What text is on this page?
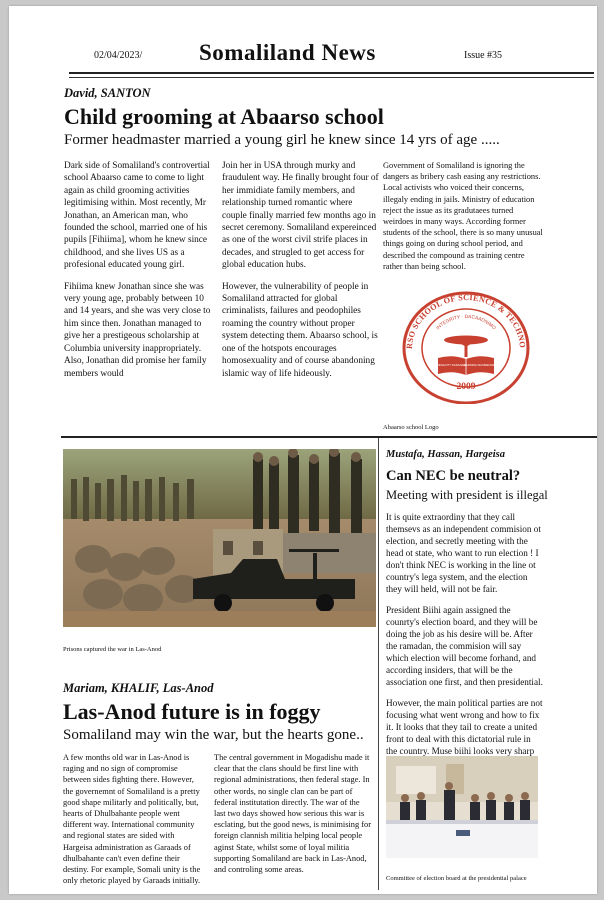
02/04/2023/ Somaliland News	Issue #35
David, SANTON
Child grooming at Abaarso school
Former headmaster married a young girl he knew since 14 yrs of age .....

Dark side of Somaliland's controvertial school Abaarso came to come to light again as child grooming activities legitimising within. Most recently, Mr Jonathan, an American man, who founded the school, married one of his pupils [Fihiima], whom he knew since childhood, and she lives US as a profesional educated young girl.

Fihiima knew Jonathan since she was very young age, probably between 10 and 14 years, and she was very close to him since then. Jonathan managed to give her a prestigeous scholarship at Columbia university inappropriately. Also, Jonathan did promise her family members would

Join her in USA through murky and fraudulent way. He finally brought four of her immidiate family members, and relationship turned romantic where couple finally married few months ago in secret ceremony. Somaliland expereinced as one of the worst civil strife places in decades, and strugled to get access for global education hubs.

However, the vulnerability of people in Somaliland attracted for global criminalists, failures and peodophiles roaming the country without proper system detecting them. Abaarso school, is one of the hotspots encourages homosexuality and of course abandoning islamic way of life hideously.

Government of Somaliland is ignoring the dangers as bribery cash easing any restrictions. Local activists who voiced their concerns, illegaly ending in jails. Ministry of education reject the issue as its gradutaees turned weirdoes in many ways. According former students of the school, there is so many unusual things going on during school period, and described the compound as training centre rather than being school.

RSO SCHOOL OF SCIENCE & TECHNO
INTEGRITY · DACAADNIMO
TENACITY DADAALKA
LEARNING WAXBARASHO
2009
Abaarso school Logo
Prisons captured the war in Las-Anod
Mariam, KHALIF, Las-Anod
Las-Anod future is in foggy
Somaliland may win the war, but the hearts gone..

A few months old war in Las-Anod is raging and no sign of compromise between sides fighting there. However, the governemnt of Somaliland is a pretty good shape militarly and politically, but, hearts of Dhulbahante people went different way. International community and regional states are sided with Hargeisa administration as Garaads of dhulbahante can't even define their destiny. For example, Somali unity is the only rhetoric played by Garaads initially.

The central government in Mogadishu made it clear that the clans should be first line with regional administrations, then federal stage. In other words, no single clan can be part of federal institutation directly. The war of the last two days showed how serious this war is esclating, but the good news, is minimising for foreign clannish militia helping local people aginst State, whilst some of loyal militia supporting Somaliland are back in Las-Anod, and controling some areas.

Mustafa, Hassan, Hargeisa
Can NEC be neutral?
Meeting with president is illegal

It is quite extraordiny that they call themsevs as an independent commision ot election, and secretly meeting with the head ot state, who want to run election ! I don't think NEC is working in the line ot country's lega system, and the election they will held, will not be fair.

President Biihi again assigned the counrty's election board, and they will be doing the job as his desire will be. After the ramadan, the commision will say which election will become forhand, and according insiders, that will be the association one first, and then presidential.

However, the main political parties are not focusing what went wrong and how to fix it. It looks that they tail to create a united front to deal with this dictatorial rule in the country. Muse biihi looks very sharp

Committee of election board at the presidential palace
